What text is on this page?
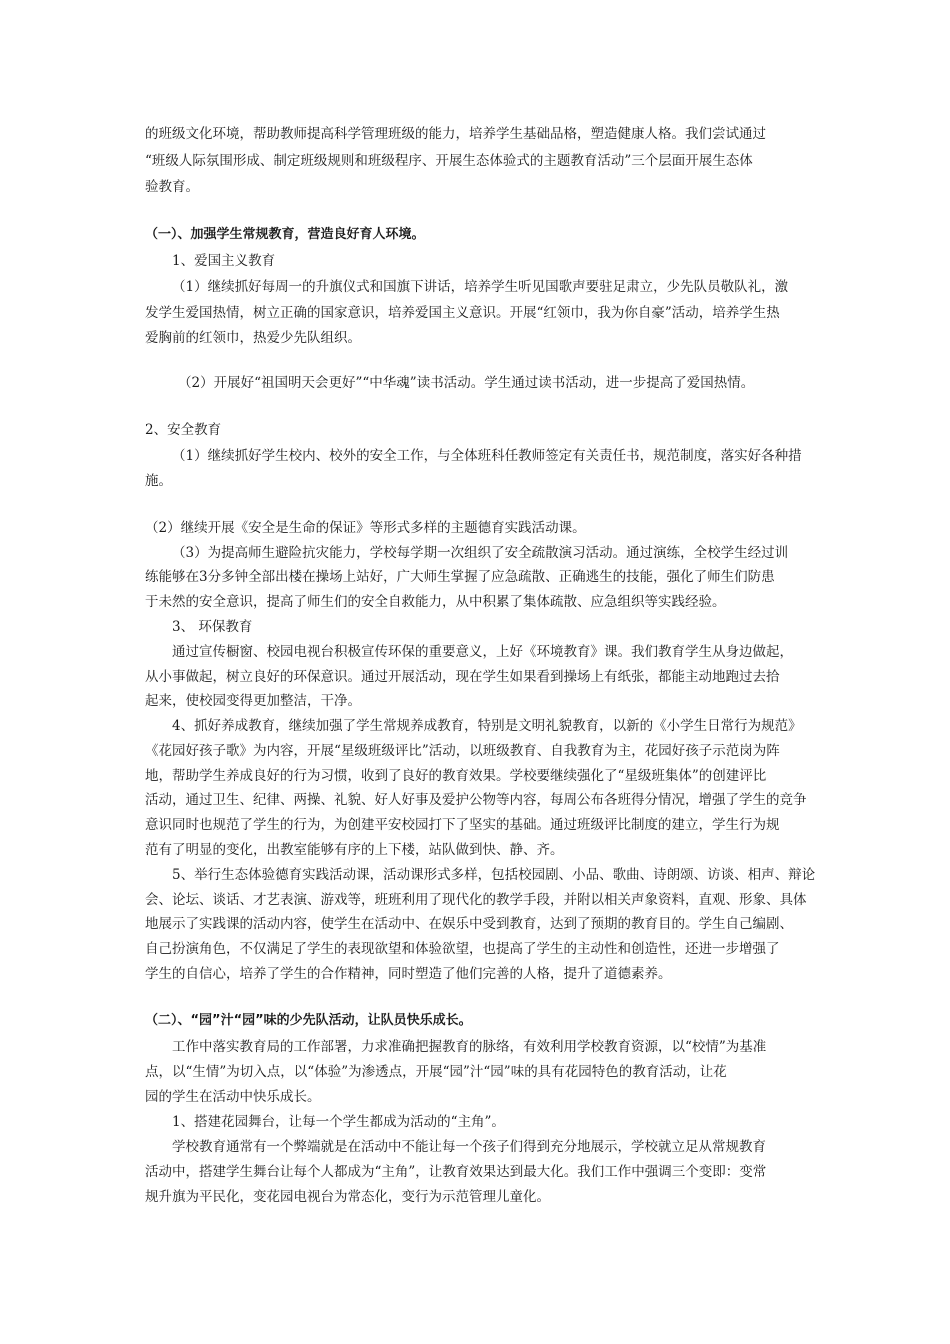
的班级文化环境，帮助教师提高科学管理班级的能力，培养学生基础品格，塑造健康人格。我们尝试通过
“班级人际氛围形成、制定班级规则和班级程序、开展生态体验式的主题教育活动”三个层面开展生态体
验教育。
（一）、加强学生常规教育，营造良好育人环境。
1、爱国主义教育
（1）继续抓好每周一的升旗仪式和国旗下讲话，培养学生听见国歌声要驻足肃立，少先队员敬队礼，激
发学生爱国热情，树立正确的国家意识，培养爱国主义意识。开展“红领巾，我为你自豪”活动，培养学生热
爱胸前的红领巾，热爱少先队组织。
（2）开展好“祖国明天会更好”“中华魂”读书活动。学生通过读书活动，进一步提高了爱国热情。
2、安全教育
（1）继续抓好学生校内、校外的安全工作，与全体班科任教师签定有关责任书，规范制度，落实好各种措
施。
（2）继续开展《安全是生命的保证》等形式多样的主题德育实践活动课。
（3）为提高师生避险抗灾能力，学校每学期一次组织了安全疏散演习活动。通过演练，全校学生经过训
练能够在3分多钟全部出楼在操场上站好，广大师生掌握了应急疏散、正确逃生的技能，强化了师生们防患
于未然的安全意识，提高了师生们的安全自救能力，从中积累了集体疏散、应急组织等实践经验。
3、 环保教育
通过宣传橱窗、校园电视台积极宣传环保的重要意义，上好《环境教育》课。我们教育学生从身边做起，
从小事做起，树立良好的环保意识。通过开展活动，现在学生如果看到操场上有纸张，都能主动地跑过去拾
起来，使校园变得更加整洁，干净。
4、抓好养成教育，继续加强了学生常规养成教育，特别是文明礼貌教育，以新的《小学生日常行为规范》
《花园好孩子歌》为内容，开展“星级班级评比”活动，以班级教育、自我教育为主，花园好孩子示范岗为阵
地，帮助学生养成良好的行为习惯，收到了良好的教育效果。学校要继续强化了“星级班集体”的创建评比
活动，通过卫生、纪律、两操、礼貌、好人好事及爱护公物等内容，每周公布各班得分情况，增强了学生的竞争
意识同时也规范了学生的行为，为创建平安校园打下了坚实的基础。通过班级评比制度的建立，学生行为规
范有了明显的变化，出教室能够有序的上下楼，站队做到快、静、齐。
5、举行生态体验德育实践活动课，活动课形式多样，包括校园剧、小品、歌曲、诗朗颂、访谈、相声、辩论
会、论坛、谈话、才艺表演、游戏等，班班利用了现代化的教学手段，并附以相关声象资料，直观、形象、具体
地展示了实践课的活动内容，使学生在活动中、在娱乐中受到教育，达到了预期的教育目的。学生自己编剧、
自己扮演角色，不仅满足了学生的表现欲望和体验欲望，也提高了学生的主动性和创造性，还进一步增强了
学生的自信心，培养了学生的合作精神，同时塑造了他们完善的人格，提升了道德素养。
（二）、“园”汁“园”味的少先队活动，让队员快乐成长。
工作中落实教育局的工作部署，力求准确把握教育的脉络，有效利用学校教育资源，以“校情”为基准
点，以“生情”为切入点，以“体验”为渗透点，开展“园”汁“园”味的具有花园特色的教育活动，让花
园的学生在活动中快乐成长。
1、搭建花园舞台，让每一个学生都成为活动的“主角”。
学校教育通常有一个弊端就是在活动中不能让每一个孩子们得到充分地展示，学校就立足从常规教育
活动中，搭建学生舞台让每个人都成为“主角”，让教育效果达到最大化。我们工作中强调三个变即：变常
规升旗为平民化，变花园电视台为常态化，变行为示范管理儿童化。
